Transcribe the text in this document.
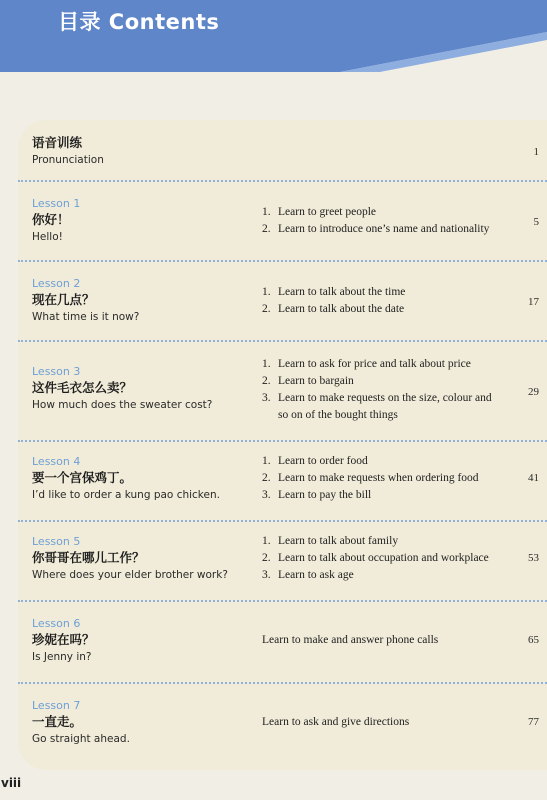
目录 Contents
语音训练
Pronunciation
1
Lesson 1
你好！
Hello!
1. Learn to greet people
2. Learn to introduce one’s name and nationality
5
Lesson 2
现在几点？
What time is it now?
1. Learn to talk about the time
2. Learn to talk about the date
17
Lesson 3
这件毛衣怎么卖？
How much does the sweater cost?
1. Learn to ask for price and talk about price
2. Learn to bargain
3. Learn to make requests on the size, colour and
so on of the bought things
29
Lesson 4
要一个宫保鸡丁。
I’d like to order a kung pao chicken.
1. Learn to order food
2. Learn to make requests when ordering food
3. Learn to pay the bill
41
Lesson 5
你哥哥在哪儿工作？
Where does your elder brother work?
1. Learn to talk about family
2. Learn to talk about occupation and workplace
3. Learn to ask age
53
Lesson 6
珍妮在吗？
Is Jenny in?
Learn to make and answer phone calls	65
Lesson 7
一直走。
Go straight ahead.
Learn to ask and give directions	77
viii
